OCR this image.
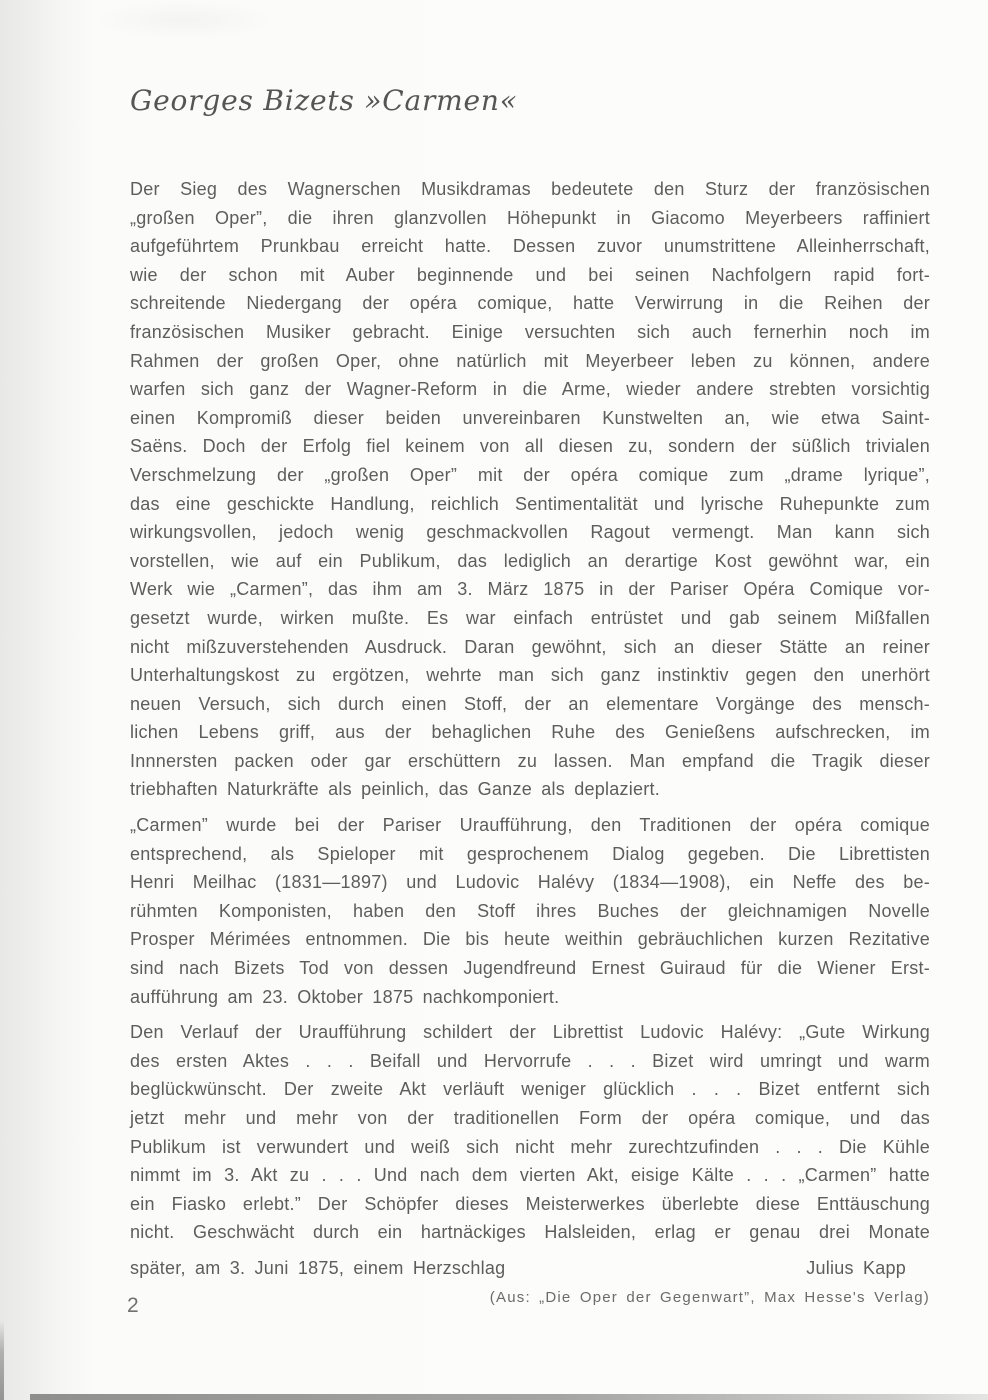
Georges Bizets »Carmen«
Der Sieg des Wagnerschen Musikdramas bedeutete den Sturz der französischen
„großen Oper”, die ihren glanzvollen Höhepunkt in Giacomo Meyerbeers raffiniert
aufgeführtem Prunkbau erreicht hatte. Dessen zuvor unumstrittene Alleinherrschaft,
wie der schon mit Auber beginnende und bei seinen Nachfolgern rapid fort-
schreitende Niedergang der opéra comique, hatte Verwirrung in die Reihen der
französischen Musiker gebracht. Einige versuchten sich auch fernerhin noch im
Rahmen der großen Oper, ohne natürlich mit Meyerbeer leben zu können, andere
warfen sich ganz der Wagner-Reform in die Arme, wieder andere strebten vorsichtig
einen Kompromiß dieser beiden unvereinbaren Kunstwelten an, wie etwa Saint-
Saëns. Doch der Erfolg fiel keinem von all diesen zu, sondern der süßlich trivialen
Verschmelzung der „großen Oper” mit der opéra comique zum „drame lyrique”,
das eine geschickte Handlung, reichlich Sentimentalität und lyrische Ruhepunkte zum
wirkungsvollen, jedoch wenig geschmackvollen Ragout vermengt. Man kann sich
vorstellen, wie auf ein Publikum, das lediglich an derartige Kost gewöhnt war, ein
Werk wie „Carmen”, das ihm am 3. März 1875 in der Pariser Opéra Comique vor-
gesetzt wurde, wirken mußte. Es war einfach entrüstet und gab seinem Mißfallen
nicht mißzuverstehenden Ausdruck. Daran gewöhnt, sich an dieser Stätte an reiner
Unterhaltungskost zu ergötzen, wehrte man sich ganz instinktiv gegen den unerhört
neuen Versuch, sich durch einen Stoff, der an elementare Vorgänge des mensch-
lichen Lebens griff, aus der behaglichen Ruhe des Genießens aufschrecken, im
Innnersten packen oder gar erschüttern zu lassen. Man empfand die Tragik dieser
triebhaften Naturkräfte als peinlich, das Ganze als deplaziert.
„Carmen” wurde bei der Pariser Uraufführung, den Traditionen der opéra comique
entsprechend, als Spieloper mit gesprochenem Dialog gegeben. Die Librettisten
Henri Meilhac (1831—1897) und Ludovic Halévy (1834—1908), ein Neffe des be-
rühmten Komponisten, haben den Stoff ihres Buches der gleichnamigen Novelle
Prosper Mérimées entnommen. Die bis heute weithin gebräuchlichen kurzen Rezitative
sind nach Bizets Tod von dessen Jugendfreund Ernest Guiraud für die Wiener Erst-
aufführung am 23. Oktober 1875 nachkomponiert.
Den Verlauf der Uraufführung schildert der Librettist Ludovic Halévy: „Gute Wirkung
des ersten Aktes . . . Beifall und Hervorrufe . . . Bizet wird umringt und warm
beglückwünscht. Der zweite Akt verläuft weniger glücklich . . . Bizet entfernt sich
jetzt mehr und mehr von der traditionellen Form der opéra comique, und das
Publikum ist verwundert und weiß sich nicht mehr zurechtzufinden . . . Die Kühle
nimmt im 3. Akt zu . . . Und nach dem vierten Akt, eisige Kälte . . . „Carmen” hatte
ein Fiasko erlebt.” Der Schöpfer dieses Meisterwerkes überlebte diese Enttäuschung
nicht. Geschwächt durch ein hartnäckiges Halsleiden, erlag er genau drei Monate
später, am 3. Juni 1875, einem Herzschlag	Julius Kapp
(Aus: „Die Oper der Gegenwart”, Max Hesse's Verlag)
2
